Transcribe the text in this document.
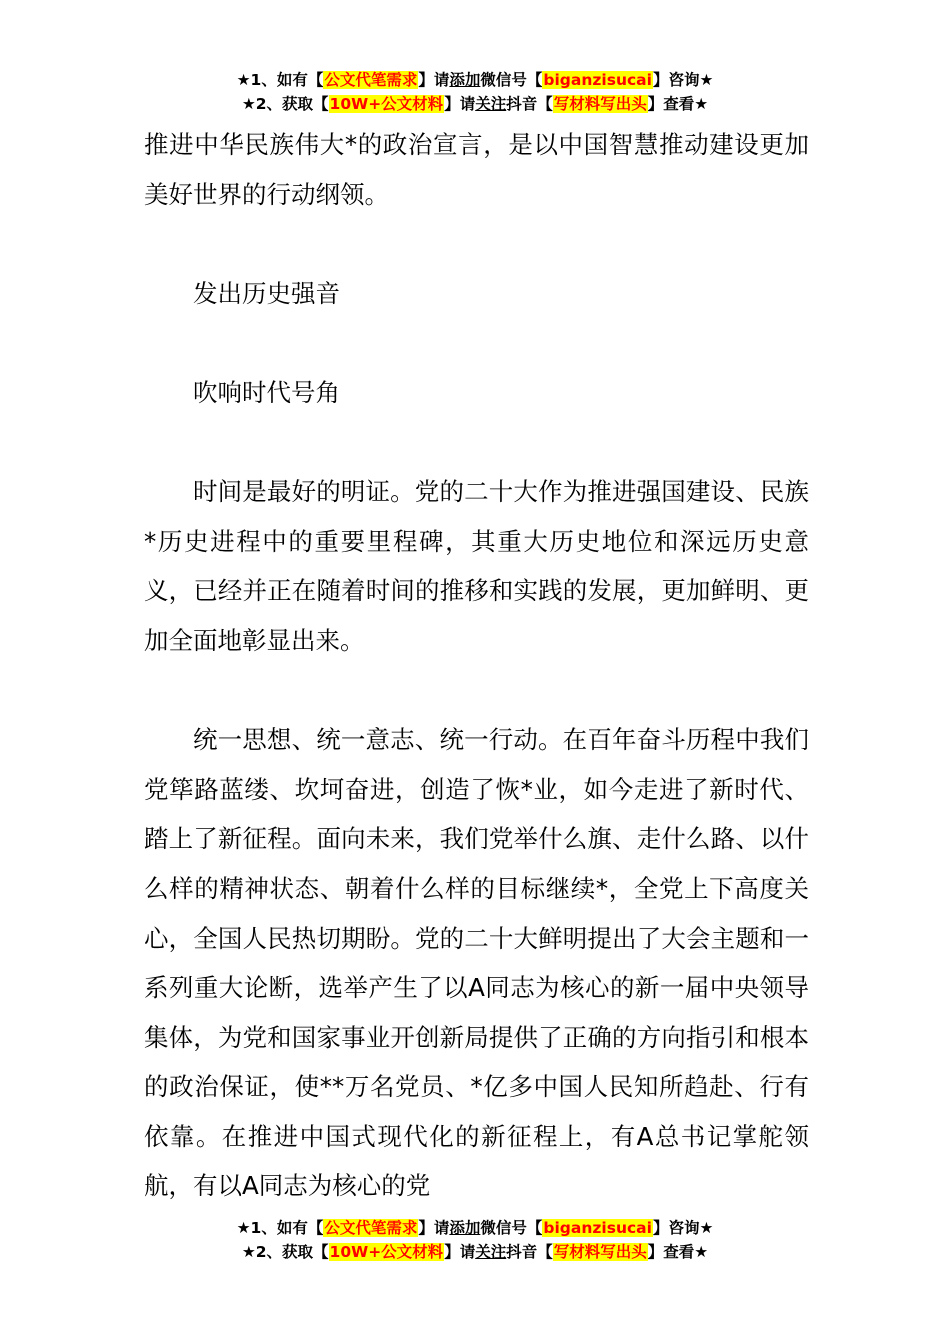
★1、如有【公文代笔需求】请添加微信号【biganzisucai】咨询★
★2、获取【10W+公文材料】请关注抖音【写材料写出头】查看★

推进中华民族伟大*的政治宣言，是以中国智慧推动建设更加美好世界的行动纲领。

发出历史强音

吹响时代号角

时间是最好的明证。党的二十大作为推进强国建设、民族*历史进程中的重要里程碑，其重大历史地位和深远历史意义，已经并正在随着时间的推移和实践的发展，更加鲜明、更加全面地彰显出来。

统一思想、统一意志、统一行动。在百年奋斗历程中我们党筚路蓝缕、坎坷奋进，创造了恢*业，如今走进了新时代、踏上了新征程。面向未来，我们党举什么旗、走什么路、以什么样的精神状态、朝着什么样的目标继续*，全党上下高度关心，全国人民热切期盼。党的二十大鲜明提出了大会主题和一系列重大论断，选举产生了以A同志为核心的新一届中央领导集体，为党和国家事业开创新局提供了正确的方向指引和根本的政治保证，使**万名党员、*亿多中国人民知所趋赴、行有依靠。在推进中国式现代化的新征程上，有A总书记掌舵领航，有以A同志为核心的党

★1、如有【公文代笔需求】请添加微信号【biganzisucai】咨询★
★2、获取【10W+公文材料】请关注抖音【写材料写出头】查看★
